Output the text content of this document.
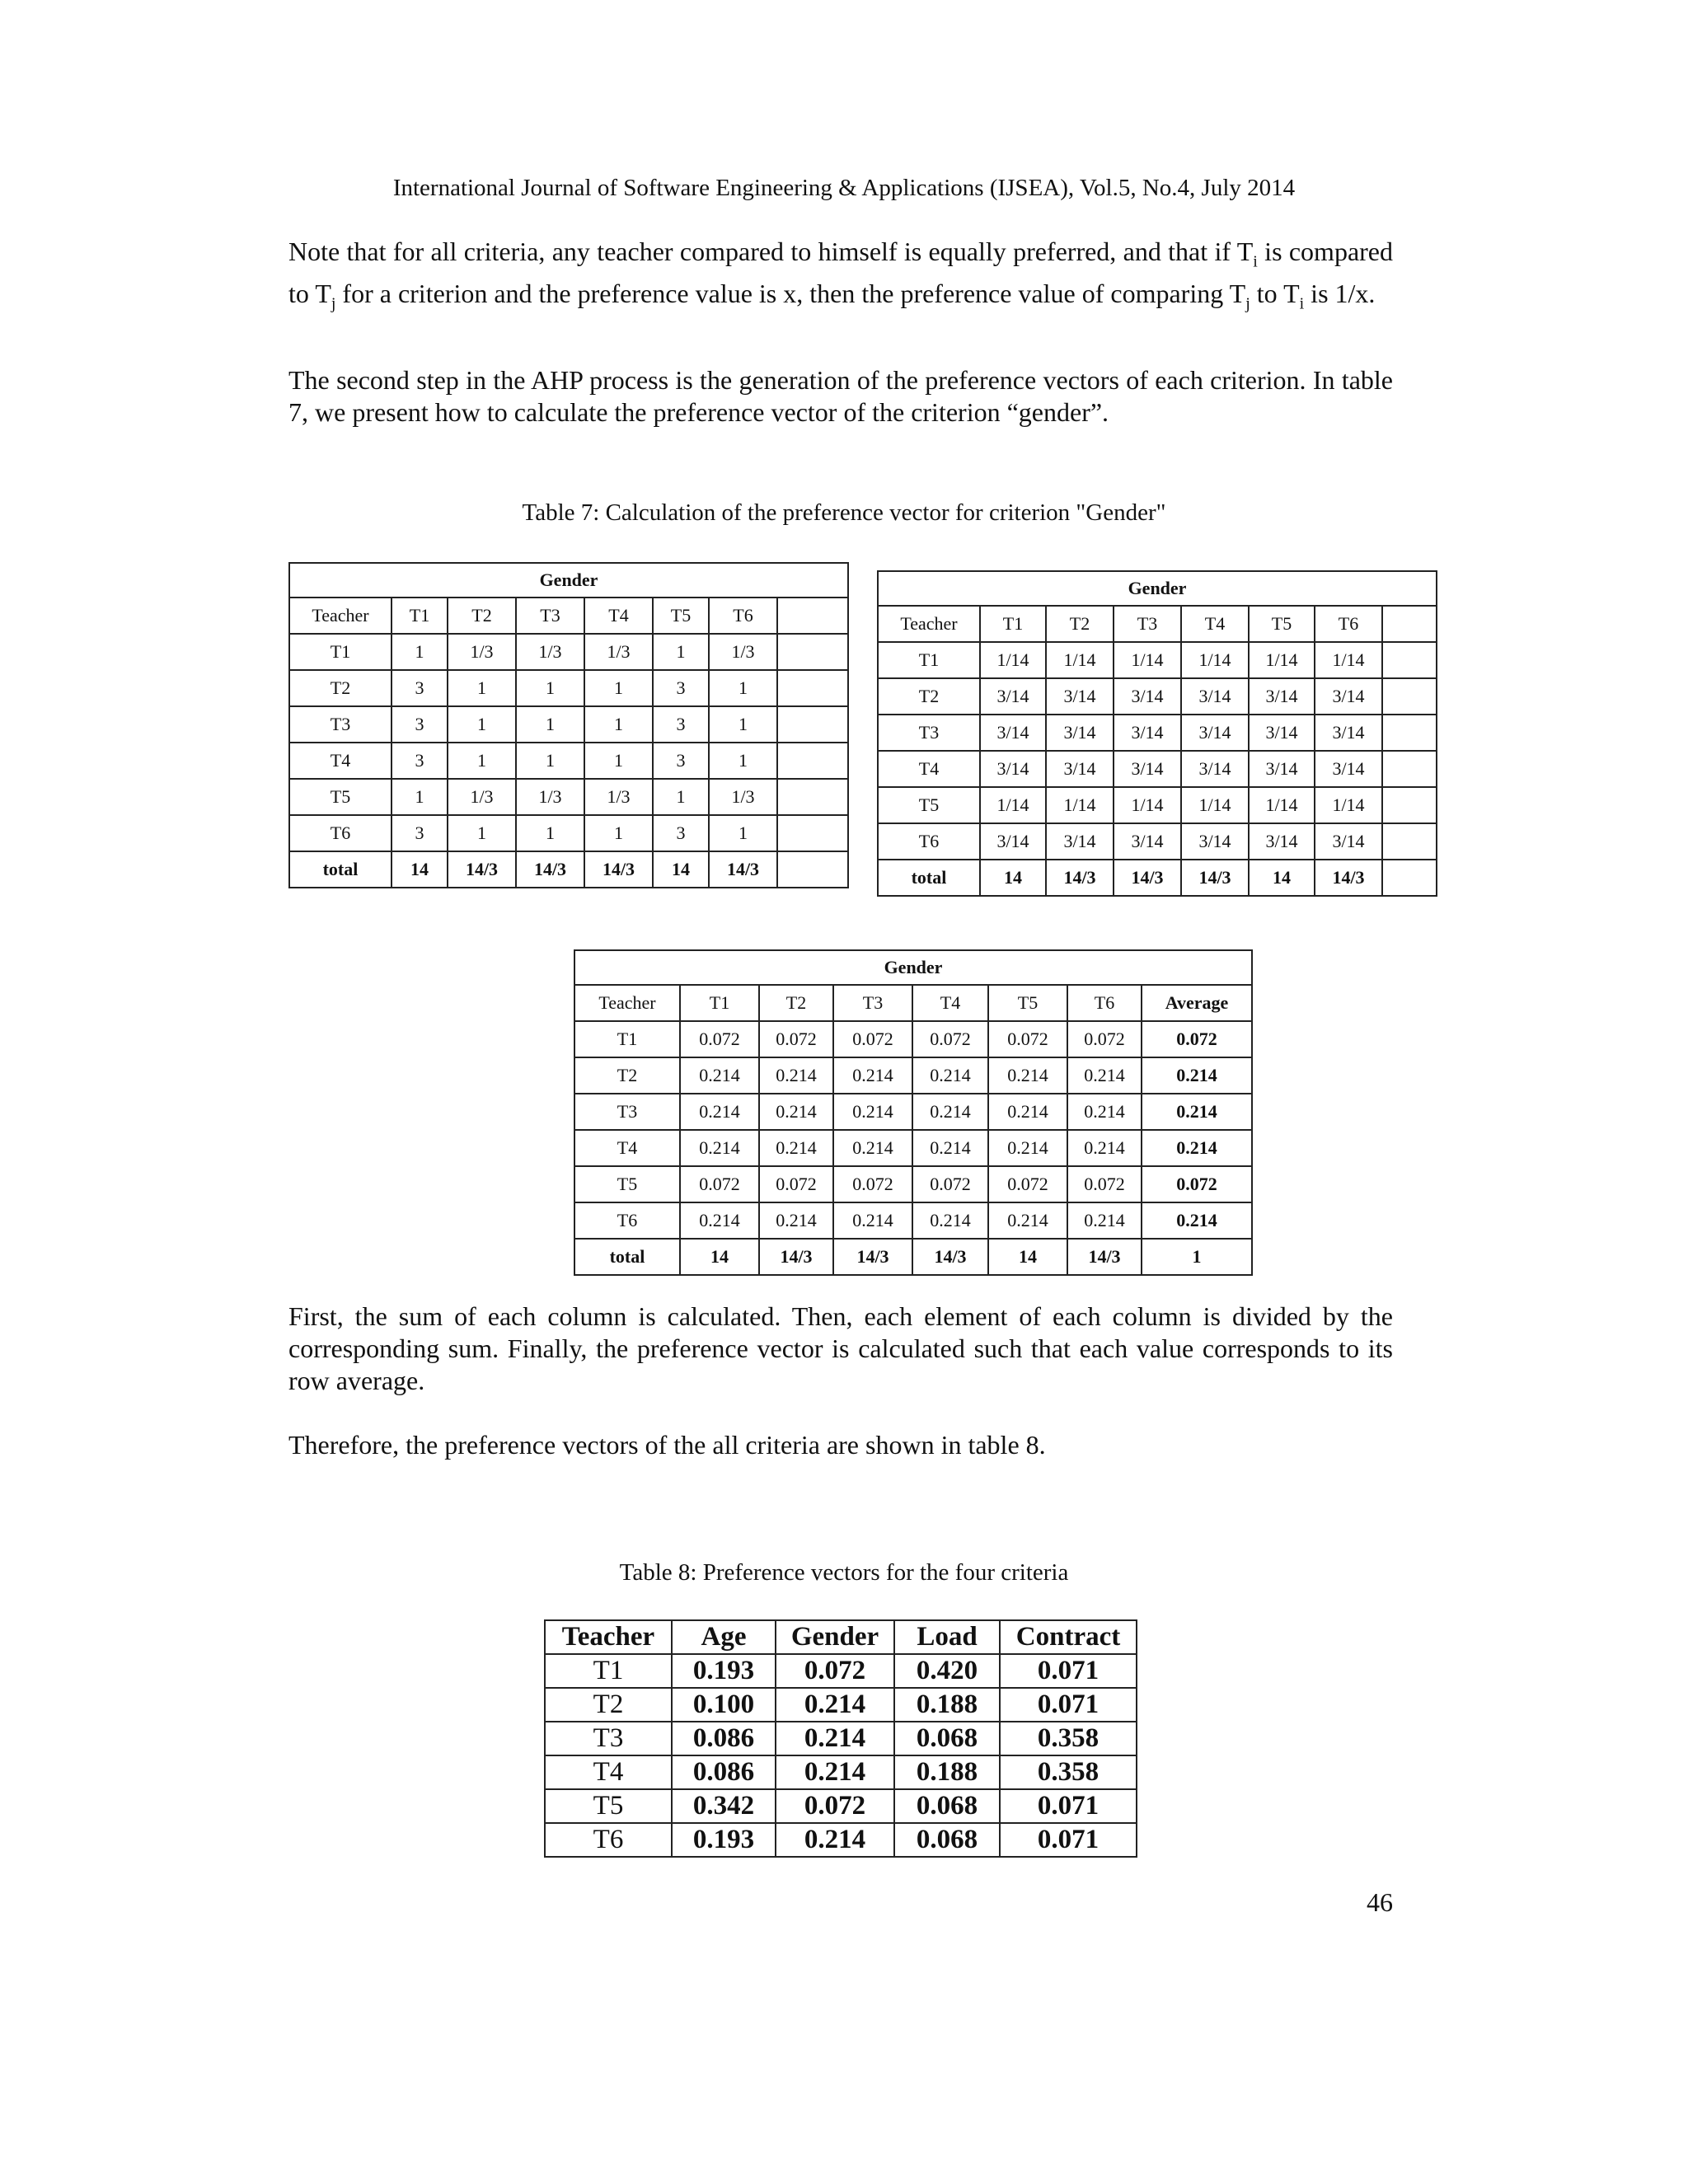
International Journal of Software Engineering & Applications (IJSEA), Vol.5, No.4, July 2014

Note that for all criteria, any teacher compared to himself is equally preferred, and that if $T_i$ is compared to $T_j$ for a criterion and the preference value is x, then the preference value of comparing $T_j$ to $T_i$ is 1/x.

The second step in the AHP process is the generation of the preference vectors of each criterion. In table 7, we present how to calculate the preference vector of the criterion “gender”.

Table 7: Calculation of the preference vector for criterion "Gender"
Gender							
Teacher	T1	T2	T3	T4	T5	T6	
T1	1	1/3	1/3	1/3	1	1/3	
T2	3	1	1	1	3	1	
T3	3	1	1	1	3	1	
T4	3	1	1	1	3	1	
T5	1	1/3	1/3	1/3	1	1/3	
T6	3	1	1	1	3	1	
total	14	14/3	14/3	14/3	14	14/3	
Gender							
Teacher	T1	T2	T3	T4	T5	T6	
T1	1/14	1/14	1/14	1/14	1/14	1/14	
T2	3/14	3/14	3/14	3/14	3/14	3/14	
T3	3/14	3/14	3/14	3/14	3/14	3/14	
T4	3/14	3/14	3/14	3/14	3/14	3/14	
T5	1/14	1/14	1/14	1/14	1/14	1/14	
T6	3/14	3/14	3/14	3/14	3/14	3/14	
total	14	14/3	14/3	14/3	14	14/3	
Gender							
Teacher	T1	T2	T3	T4	T5	T6	Average
T1	0.072	0.072	0.072	0.072	0.072	0.072	0.072
T2	0.214	0.214	0.214	0.214	0.214	0.214	0.214
T3	0.214	0.214	0.214	0.214	0.214	0.214	0.214
T4	0.214	0.214	0.214	0.214	0.214	0.214	0.214
T5	0.072	0.072	0.072	0.072	0.072	0.072	0.072
T6	0.214	0.214	0.214	0.214	0.214	0.214	0.214
total	14	14/3	14/3	14/3	14	14/3	1

First, the sum of each column is calculated. Then, each element of each column is divided by the corresponding sum. Finally, the preference vector is calculated such that each value corresponds to its row average.

Therefore, the preference vectors of the all criteria are shown in table 8.

Table 8: Preference vectors for the four criteria
Teacher	Age	Gender	Load	Contract
T1	0.193	0.072	0.420	0.071
T2	0.100	0.214	0.188	0.071
T3	0.086	0.214	0.068	0.358
T4	0.086	0.214	0.188	0.358
T5	0.342	0.072	0.068	0.071
T6	0.193	0.214	0.068	0.071
46
